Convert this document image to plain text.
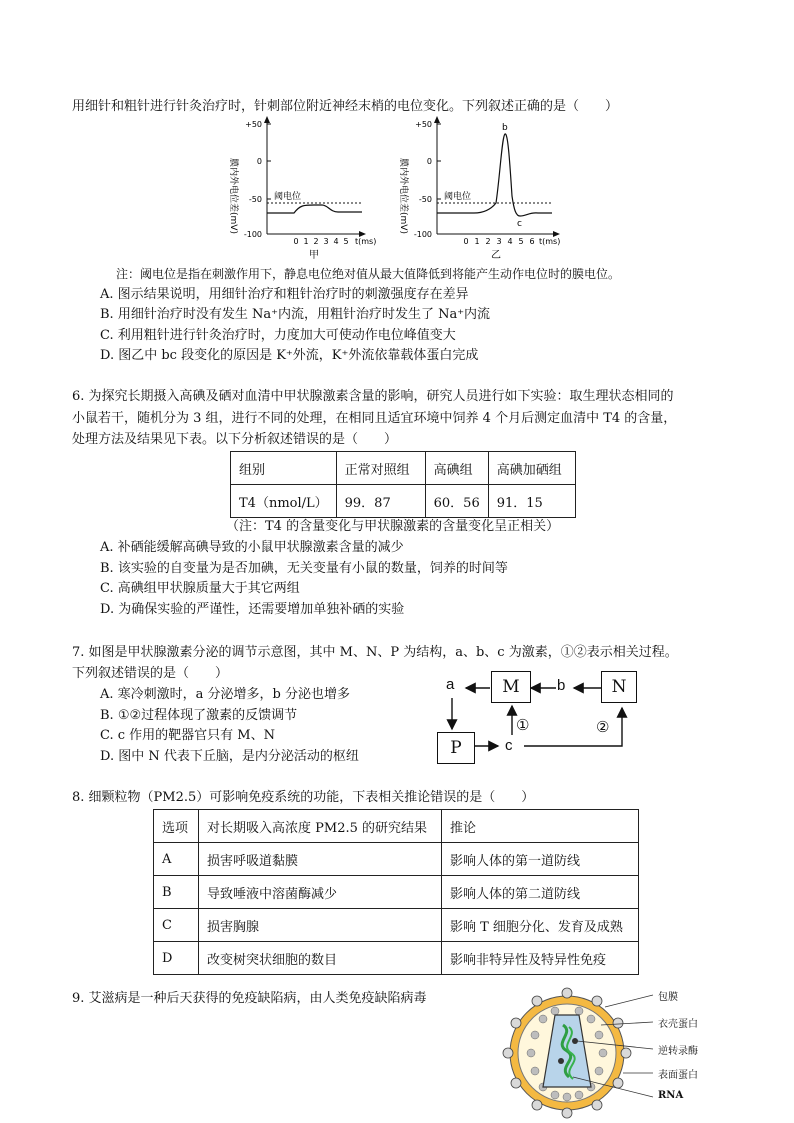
用细针和粗针进行针灸治疗时，针刺部位附近神经末梢的电位变化。下列叙述正确的是（　　）
膜内外电位差(mV)
+50
0
-50
-100
阈电位
0 1 2 3 4 5 t(ms)
甲
膜内外电位差(mV)
+50
0
-50
-100
阈电位
b
c
0 1 2 3 4 5 6 t(ms)
乙
注：阈电位是指在刺激作用下，静息电位绝对值从最大值降低到将能产生动作电位时的膜电位。
A. 图示结果说明，用细针治疗和粗针治疗时的刺激强度存在差异
B. 用细针治疗时没有发生 Na⁺内流，用粗针治疗时发生了 Na⁺内流
C. 利用粗针进行针灸治疗时，力度加大可使动作电位峰值变大
D. 图乙中 bc 段变化的原因是 K⁺外流，K⁺外流依靠载体蛋白完成
6. 为探究长期摄入高碘及硒对血清中甲状腺激素含量的影响，研究人员进行如下实验：取生理状态相同的
小鼠若干，随机分为 3 组，进行不同的处理，在相同且适宜环境中饲养 4 个月后测定血清中 T4 的含量，
处理方法及结果见下表。以下分析叙述错误的是（　　）
组别	正常对照组	高碘组	高碘加硒组
T4（nmol/L）	99．87	60．56	91．15
（注：T4 的含量变化与甲状腺激素的含量变化呈正相关）
A. 补硒能缓解高碘导致的小鼠甲状腺激素含量的减少
B. 该实验的自变量为是否加碘，无关变量有小鼠的数量，饲养的时间等
C. 高碘组甲状腺质量大于其它两组
D. 为确保实验的严谨性，还需要增加单独补硒的实验
7. 如图是甲状腺激素分泌的调节示意图，其中 M、N、P 为结构，a、b、c 为激素，①②表示相关过程。
下列叙述错误的是（　　）
A. 寒冷刺激时，a 分泌增多，b 分泌也增多
B. ①②过程体现了激素的反馈调节
C. c 作用的靶器官只有 M、N
D. 图中 N 代表下丘脑，是内分泌活动的枢纽
a	M	b	N
P	c
①	②
8. 细颗粒物（PM2.5）可影响免疫系统的功能，下表相关推论错误的是（　　）
选项	对长期吸入高浓度 PM2.5 的研究结果	推论
A	损害呼吸道黏膜	影响人体的第一道防线
B	导致唾液中溶菌酶减少	影响人体的第二道防线
C	损害胸腺	影响 T 细胞分化、发育及成熟
D	改变树突状细胞的数目	影响非特异性及特异性免疫
9. 艾滋病是一种后天获得的免疫缺陷病，由人类免疫缺陷病毒	包膜
衣壳蛋白
逆转录酶
表面蛋白
RNA
